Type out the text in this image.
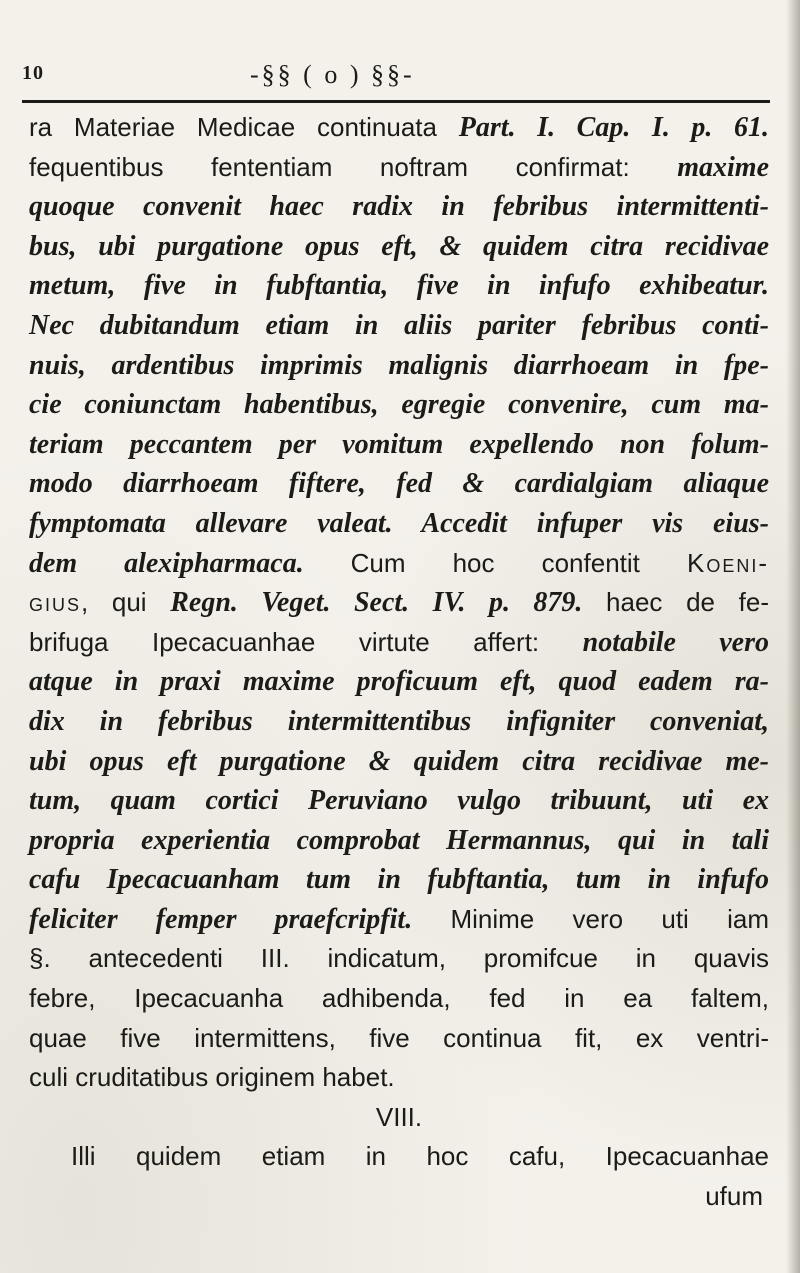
10	-§§ ( o ) §§-
ra Materiae Medicae continuata Part. I. Cap. I. p. 61.
fequentibus fententiam noftram confirmat: maxime
quoque convenit haec radix in febribus intermittenti-
bus, ubi purgatione opus eft, & quidem citra recidivae
metum, five in fubftantia, five in infufo exhibeatur.
Nec dubitandum etiam in aliis pariter febribus conti-
nuis, ardentibus imprimis malignis diarrhoeam in fpe-
cie coniunctam habentibus, egregie convenire, cum ma-
teriam peccantem per vomitum expellendo non folum-
modo diarrhoeam fiftere, fed & cardialgiam aliaque
fymptomata allevare valeat. Accedit infuper vis eius-
dem alexipharmaca. Cum hoc confentit Koeni-
gius, qui Regn. Veget. Sect. IV. p. 879. haec de fe-
brifuga Ipecacuanhae virtute affert: notabile vero
atque in praxi maxime proficuum eft, quod eadem ra-
dix in febribus intermittentibus infigniter conveniat,
ubi opus eft purgatione & quidem citra recidivae me-
tum, quam cortici Peruviano vulgo tribuunt, uti ex
propria experientia comprobat Hermannus, qui in tali
cafu Ipecacuanham tum in fubftantia, tum in infufo
feliciter femper praefcripfit. Minime vero uti iam
§. antecedenti III. indicatum, promifcue in quavis
febre, Ipecacuanha adhibenda, fed in ea faltem,
quae five intermittens, five continua fit, ex ventri-
culi cruditatibus originem habet.
VIII.
Illi quidem etiam in hoc cafu, Ipecacuanhae
ufum
